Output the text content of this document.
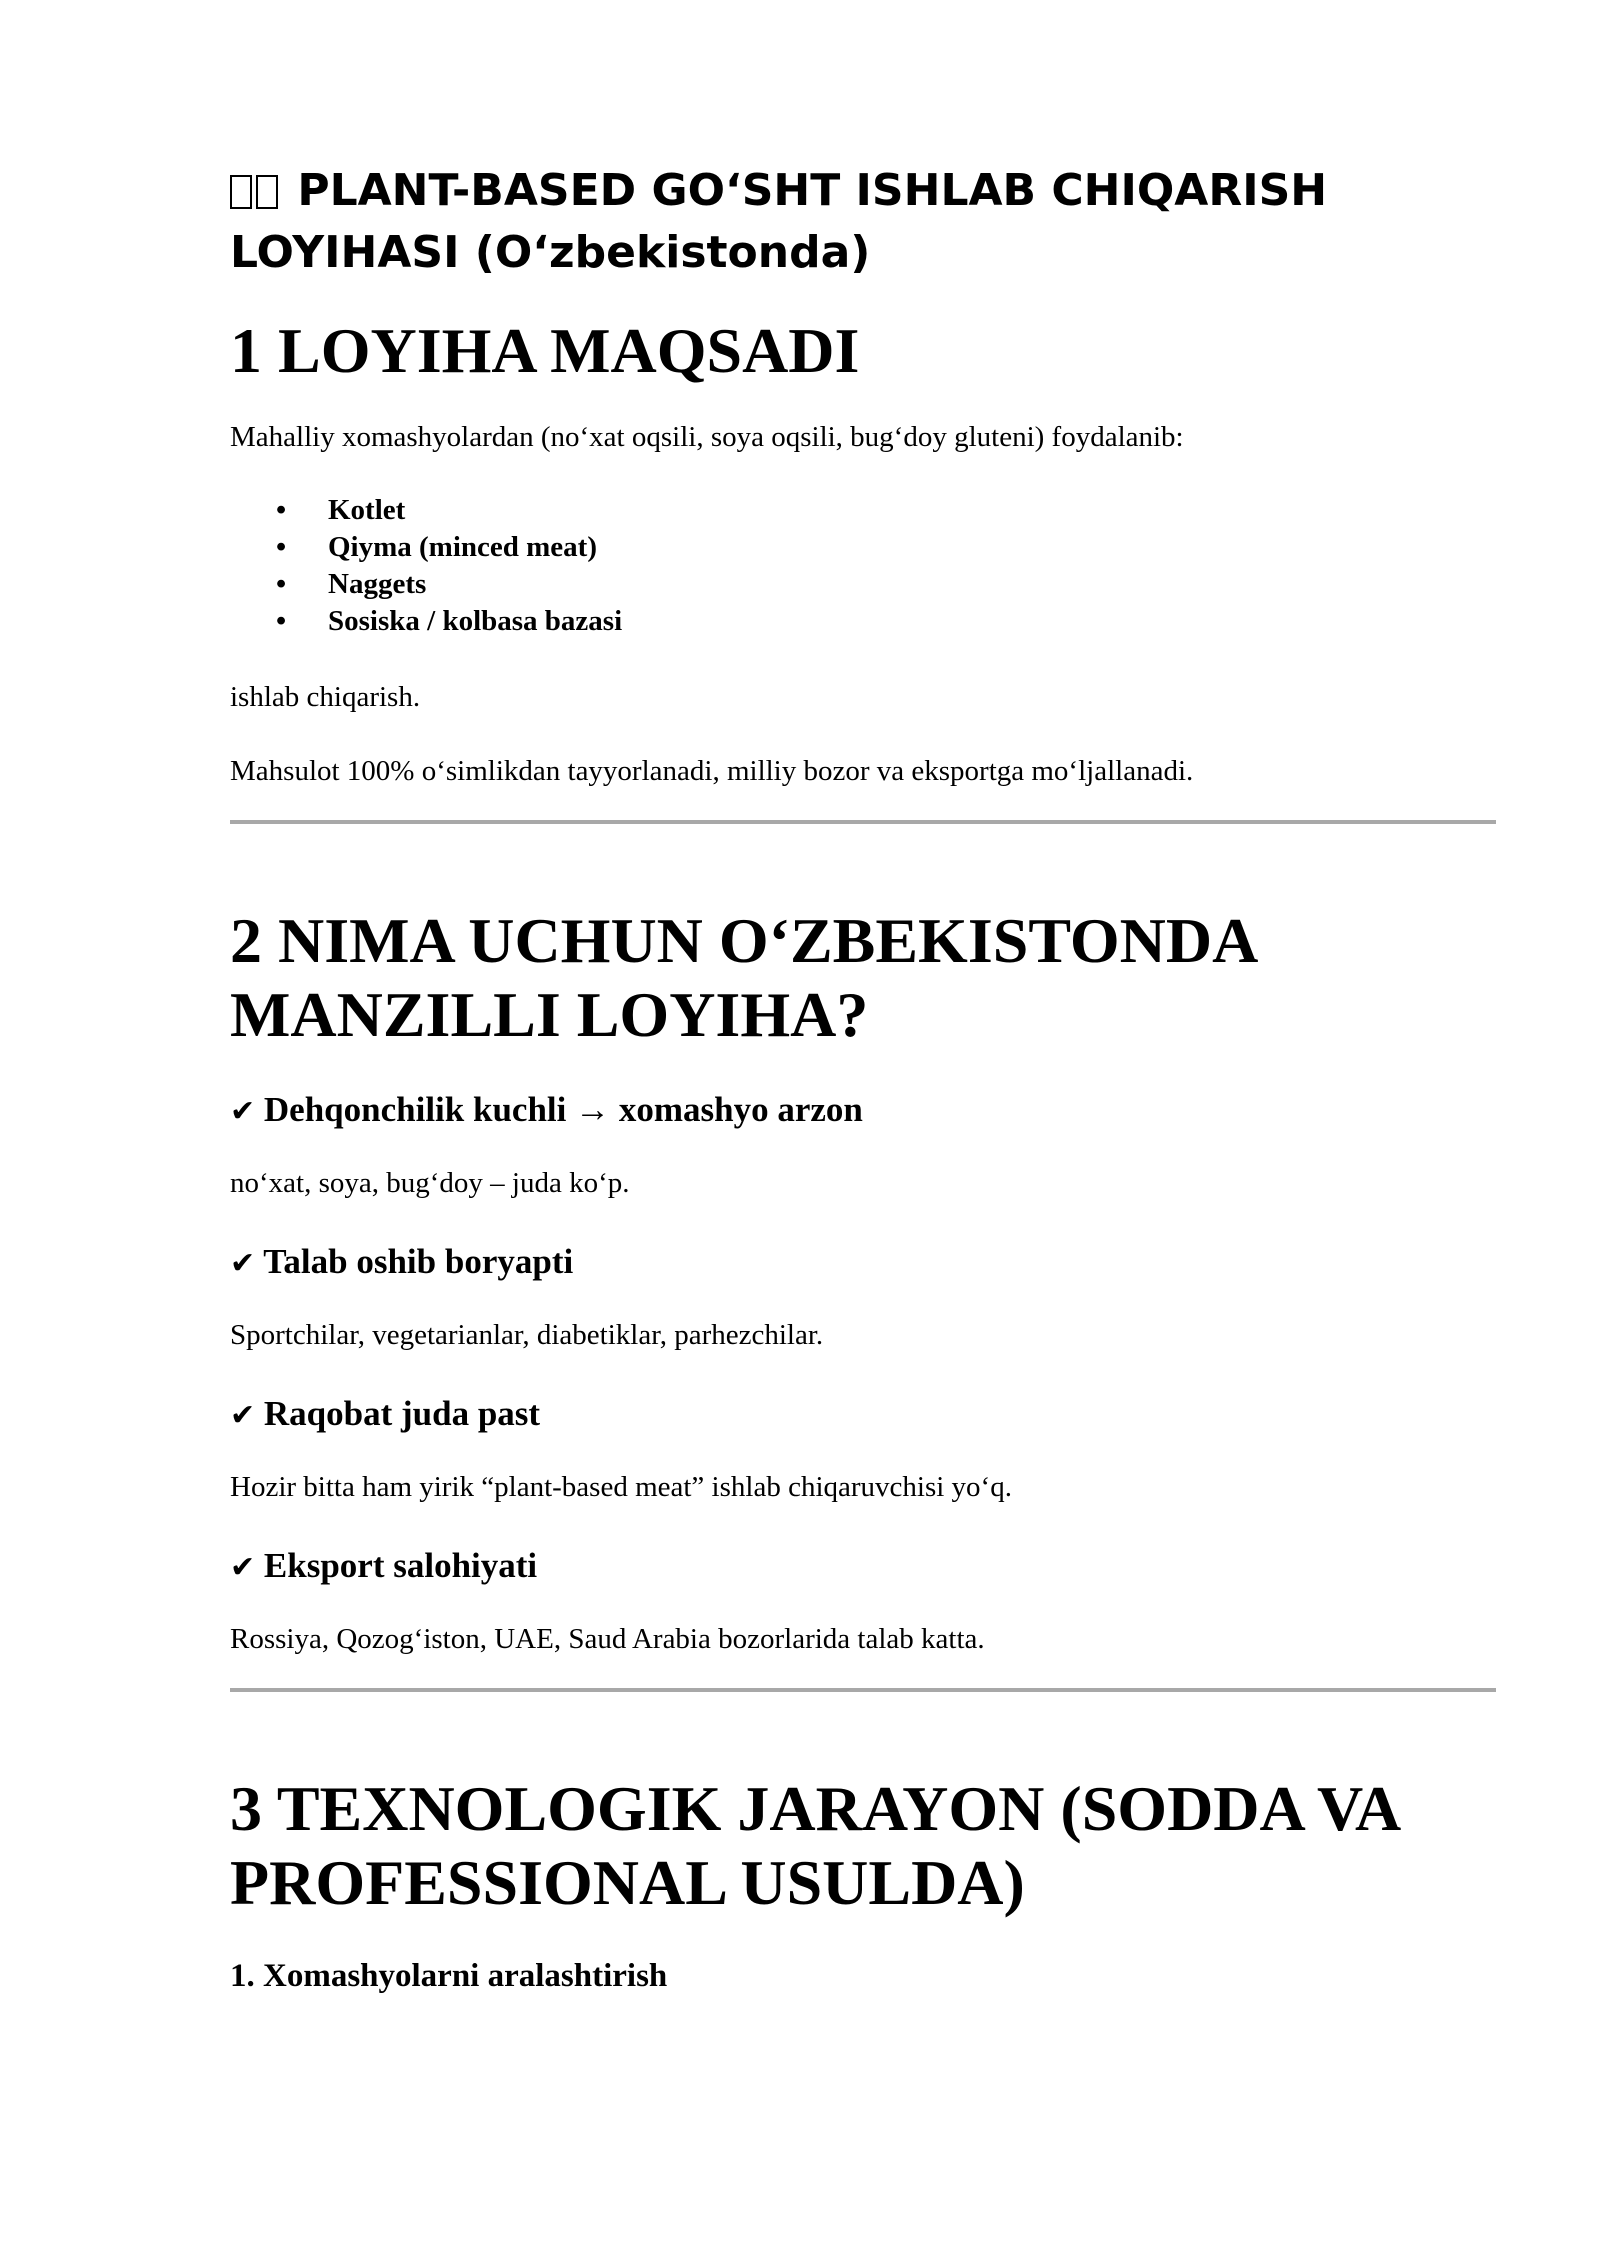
PLANT-BASED GO‘SHT ISHLAB CHIQARISH LOYIHASI (O‘zbekistonda)
1 LOYIHA MAQSADI

Mahalliy xomashyolardan (no‘xat oqsili, soya oqsili, bug‘doy gluteni) foydalanib:

• Kotlet
• Qiyma (minced meat)
• Naggets
• Sosiska / kolbasa bazasi

ishlab chiqarish.

Mahsulot 100% o‘simlikdan tayyorlanadi, milliy bozor va eksportga mo‘ljallanadi.

2 NIMA UCHUN O‘ZBEKISTONDA MANZILLI LOYIHA?
✔ Dehqonchilik kuchli → xomashyo arzon

no‘xat, soya, bug‘doy – juda ko‘p.

✔ Talab oshib boryapti

Sportchilar, vegetarianlar, diabetiklar, parhezchilar.

✔ Raqobat juda past

Hozir bitta ham yirik “plant-based meat” ishlab chiqaruvchisi yo‘q.

✔ Eksport salohiyati

Rossiya, Qozog‘iston, UAE, Saud Arabia bozorlarida talab katta.

3 TEXNOLOGIK JARAYON (SODDA VA PROFESSIONAL USULDA)
1. Xomashyolarni aralashtirish
